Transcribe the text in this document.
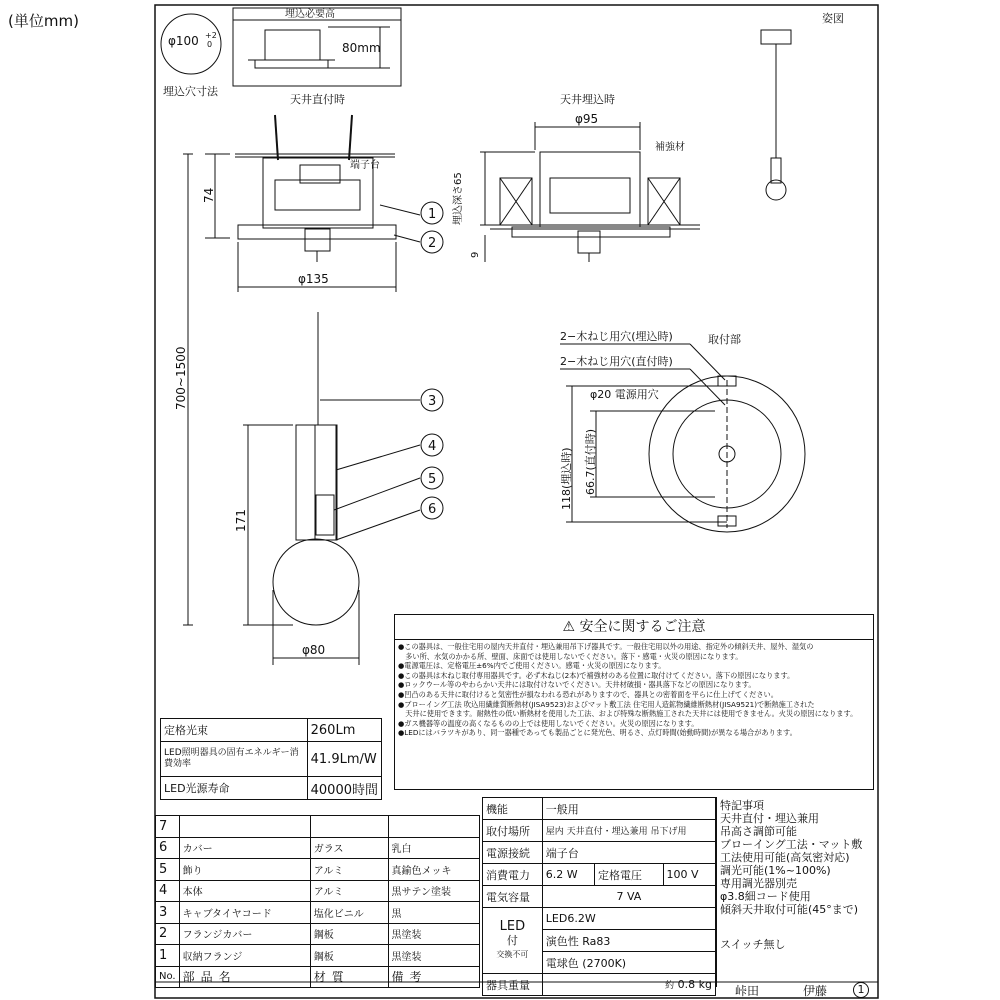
(単位mm)	姿図
φ100 +2
0
埋込穴寸法
埋込必要高
80mm
天井直付時
端子台
74
φ135
1
2
天井埋込時
φ95
補強材
埋込深さ65
9
700~1500
171
φ80
3
4
5
6
取付部
2−木ねじ用穴(埋込時)
2−木ねじ用穴(直付時)
φ20 電源用穴
118(埋込時) 66.7(直付時)
⚠ 安全に関するご注意
●この器具は、一般住宅用の屋内天井直付・埋込兼用吊下げ器具です。一般住宅用以外の用途、指定外の傾斜天井、屋外、湿気の
　多い所、水気のかかる所、壁面、床面では使用しないでください。落下・感電・火災の原因になります。
●電源電圧は、定格電圧±6%内でご使用ください。感電・火災の原因になります。
●この器具は木ねじ取付専用器具です。必ず木ねじ(2本)で補強材のある位置に取付けてください。落下の原因になります。
●ロックウール等のやわらかい天井には取付けないでください。天井材破損・器具落下などの原因になります。
●凹凸のある天井に取付けると気密性が損なわれる恐れがありますので、器具との密着面を平らに仕上げてください。
●ブローイング工法 吹込用繊維質断熱材(JISA9523)およびマット敷工法 住宅用人造鉱物繊維断熱材(JISA9521)で断熱施工された
　天井に使用できます。耐熱性の低い断熱材を使用した工法、および特殊な断熱施工された天井には使用できません。火災の原因になります。
●ガス機器等の温度の高くなるものの上では使用しないでください。火災の原因になります。
●LEDにはバラツキがあり、同一器種であっても製品ごとに発光色、明るさ、点灯時間(始動時間)が異なる場合があります。
定格光束	260Lm
LED照明器具の固有エネルギー消費効率	41.9Lm/W
LED光源寿命	40000時間
7			
6	カバー	ガラス	乳白
5	飾り	アルミ	真鍮色メッキ
4	本体	アルミ	黒サテン塗装
3	キャブタイヤコード	塩化ビニル	黒
2	フランジカバー	鋼板	黒塗装
1	収納フランジ	鋼板	黒塗装
No.	部品名	材質	備考
機能	一般用		
取付場所	屋内 天井直付・埋込兼用 吊下げ用		
電源接続	端子台		
消費電力	6.2 W	定格電圧	100 V
電気容量	7 VA		

LED
付
交換不可	LED6.2W		
	演色性 Ra83		
	電球色 (2700K)		
器具重量	約 0.8 kg		
特記事項
天井直付・埋込兼用
吊高さ調節可能
ブローイング工法・マット敷
工法使用可能(高気密対応)
調光可能(1%~100%)
専用調光器別売
φ3.8細コード使用
傾斜天井取付可能(45°まで)
スイッチ無し
峠田	伊藤	1
